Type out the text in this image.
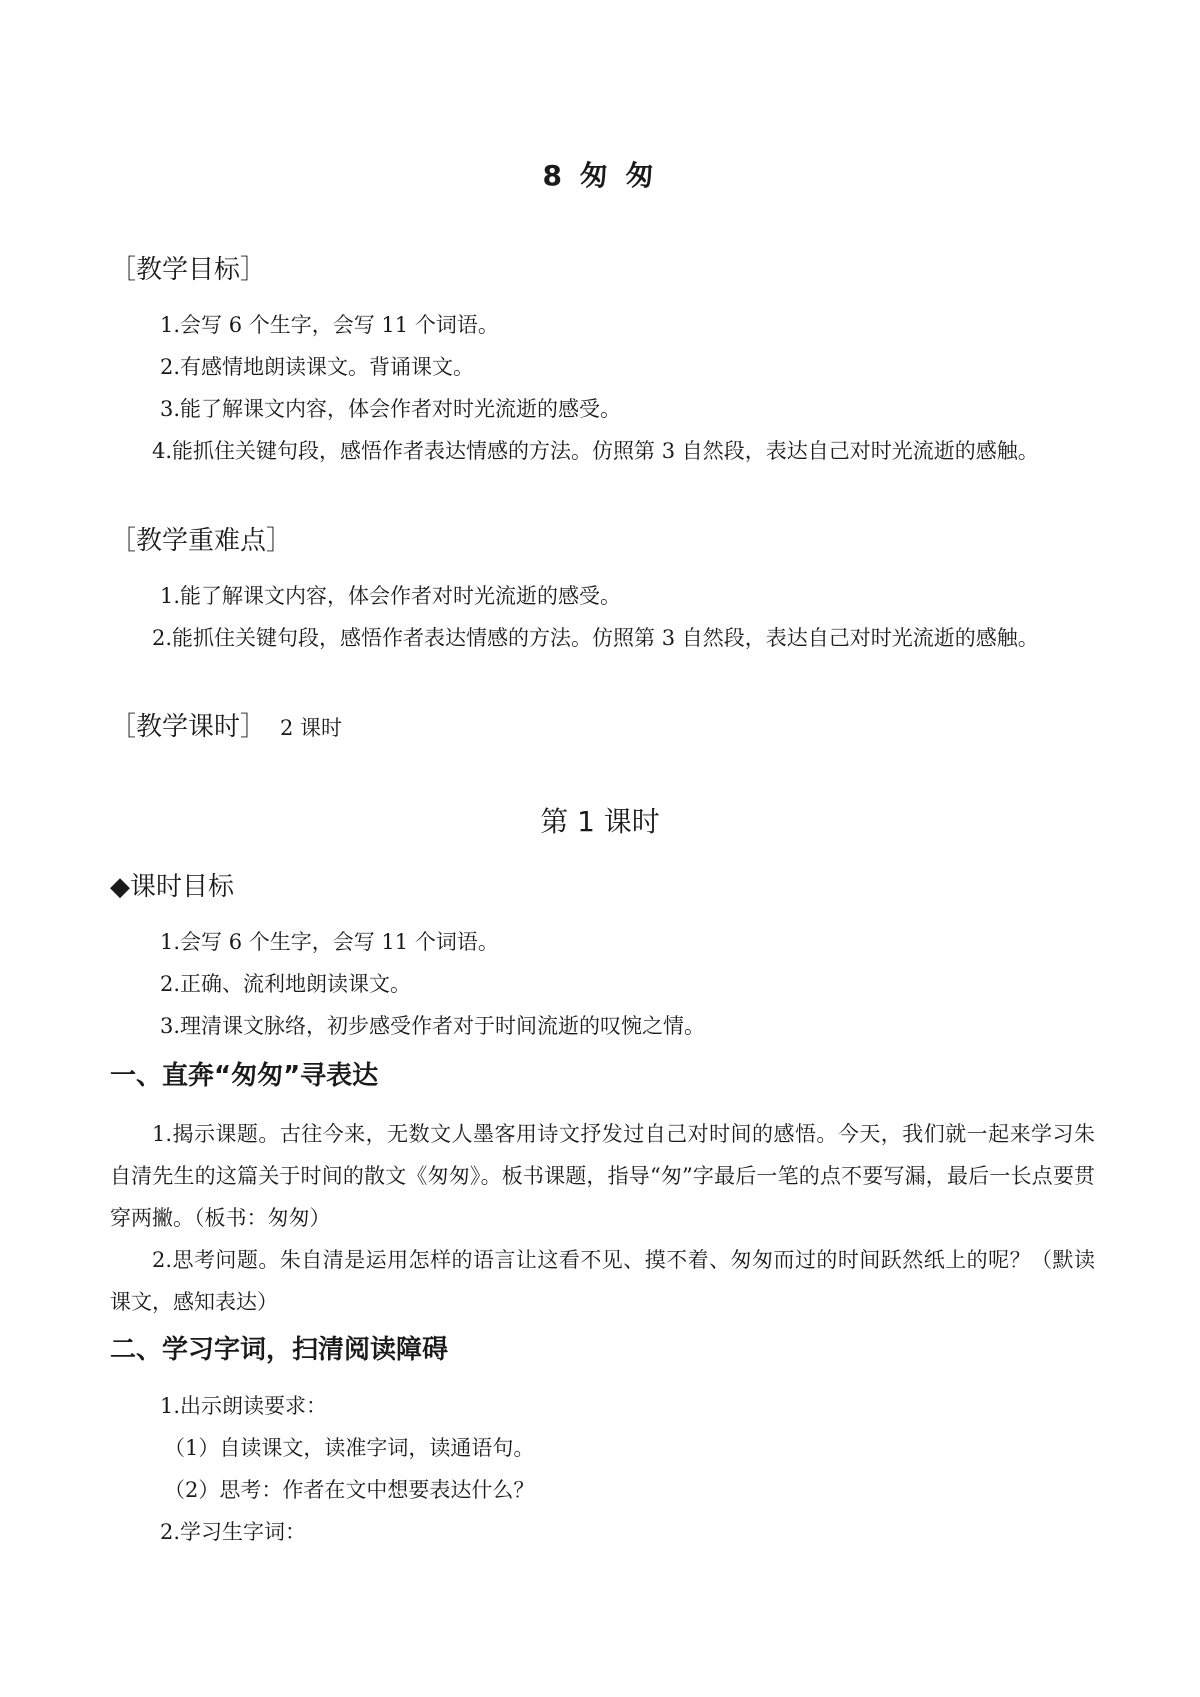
8 匆 匆
［教学目标］
1.会写 6 个生字，会写 11 个词语。
2.有感情地朗读课文。背诵课文。
3.能了解课文内容，体会作者对时光流逝的感受。
4.能抓住关键句段，感悟作者表达情感的方法。仿照第 3 自然段，表达自己对时光流逝的感触。
［教学重难点］
1.能了解课文内容，体会作者对时光流逝的感受。
2.能抓住关键句段，感悟作者表达情感的方法。仿照第 3 自然段，表达自己对时光流逝的感触。
［教学课时］ 2 课时
第 1 课时
◆课时目标
1.会写 6 个生字，会写 11 个词语。
2.正确、流利地朗读课文。
3.理清课文脉络，初步感受作者对于时间流逝的叹惋之情。
一、直奔“匆匆”寻表达
1.揭示课题。古往今来，无数文人墨客用诗文抒发过自己对时间的感悟。今天，我们就一起来学习朱自清先生的这篇关于时间的散文《匆匆》。板书课题，指导“匆”字最后一笔的点不要写漏，最后一长点要贯穿两撇。（板书：匆匆）
2.思考问题。朱自清是运用怎样的语言让这看不见、摸不着、匆匆而过的时间跃然纸上的呢？（默读课文，感知表达）
二、学习字词，扫清阅读障碍
1.出示朗读要求：
（1）自读课文，读准字词，读通语句。
（2）思考：作者在文中想要表达什么？
2.学习生字词：
